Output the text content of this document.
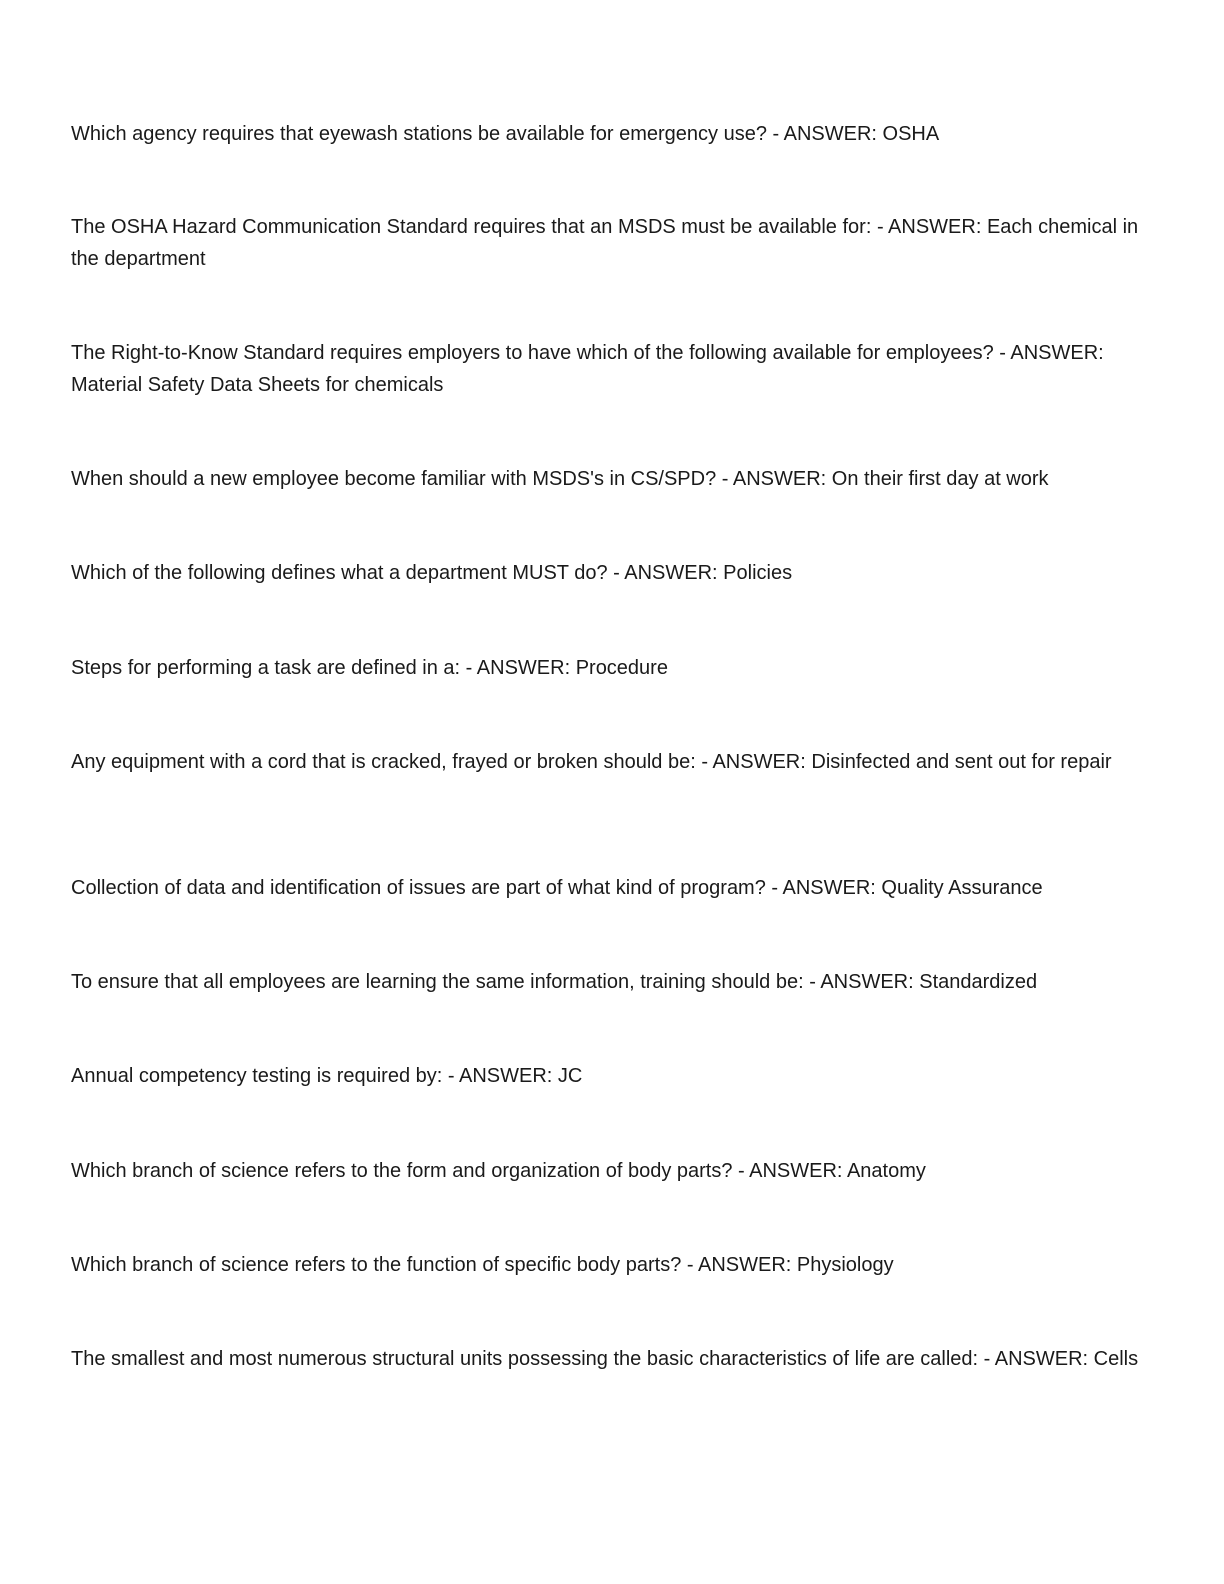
Which agency requires that eyewash stations be available for emergency use? - ANSWER: OSHA

The OSHA Hazard Communication Standard requires that an MSDS must be available for: - ANSWER: Each chemical in the department

The Right-to-Know Standard requires employers to have which of the following available for employees? - ANSWER: Material Safety Data Sheets for chemicals

When should a new employee become familiar with MSDS's in CS/SPD? - ANSWER: On their first day at work

Which of the following defines what a department MUST do? - ANSWER: Policies

Steps for performing a task are defined in a: - ANSWER: Procedure

Any equipment with a cord that is cracked, frayed or broken should be: - ANSWER: Disinfected and sent out for repair

Collection of data and identification of issues are part of what kind of program? - ANSWER: Quality Assurance

To ensure that all employees are learning the same information, training should be: - ANSWER: Standardized

Annual competency testing is required by: - ANSWER: JC

Which branch of science refers to the form and organization of body parts? - ANSWER: Anatomy

Which branch of science refers to the function of specific body parts? - ANSWER: Physiology

The smallest and most numerous structural units possessing the basic characteristics of life are called: - ANSWER: Cells
